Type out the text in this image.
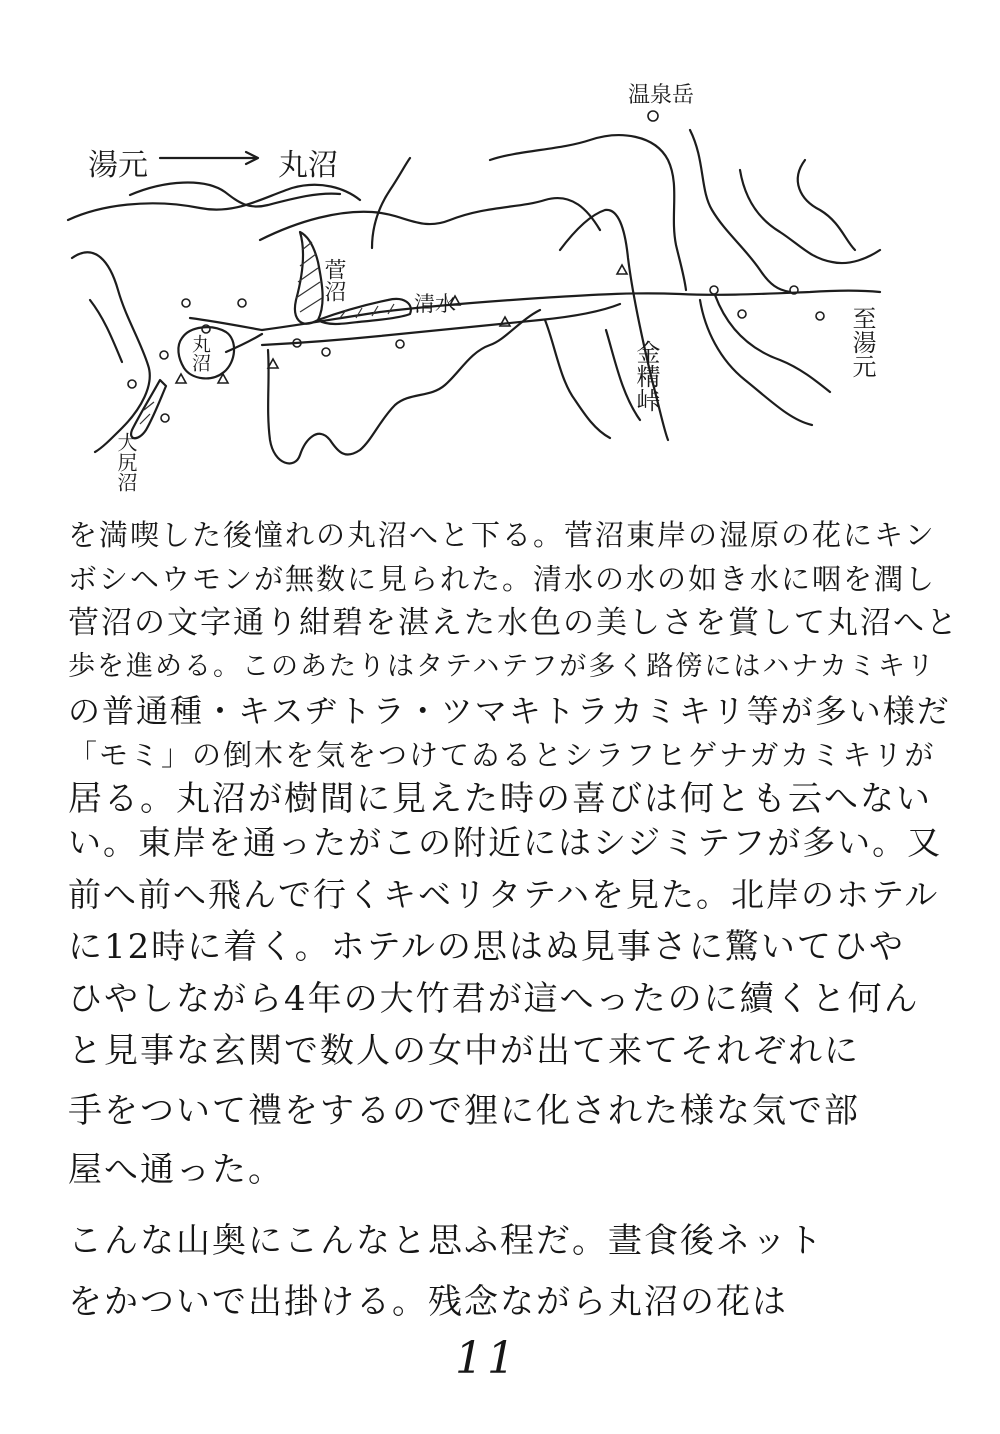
湯元	丸沼

温泉岳

菅沼

清水

丸沼

大尻沼

金精峠	至湯元

を満喫した後憧れの丸沼へと下る。菅沼東岸の湿原の花にキン

ボシヘウモンが無数に見られた。清水の水の如き水に咽を潤し

菅沼の文字通り紺碧を湛えた水色の美しさを賞して丸沼へと

歩を進める。このあたりはタテハテフが多く路傍にはハナカミキリ

の普通種・キスヂトラ・ツマキトラカミキリ等が多い様だ

「モミ」の倒木を気をつけてゐるとシラフヒゲナガカミキリが

居る。丸沼が樹間に見えた時の喜びは何とも云へない

い。東岸を通ったがこの附近にはシジミテフが多い。又

前へ前へ飛んで行くキベリタテハを見た。北岸のホテル

に12時に着く。ホテルの思はぬ見事さに驚いてひや

ひやしながら4年の大竹君が這へったのに續くと何ん

と見事な玄関で数人の女中が出て来てそれぞれに

手をついて禮をするので狸に化された様な気で部

屋へ通った。

こんな山奥にこんなと思ふ程だ。晝食後ネット

をかついで出掛ける。残念ながら丸沼の花は

11
